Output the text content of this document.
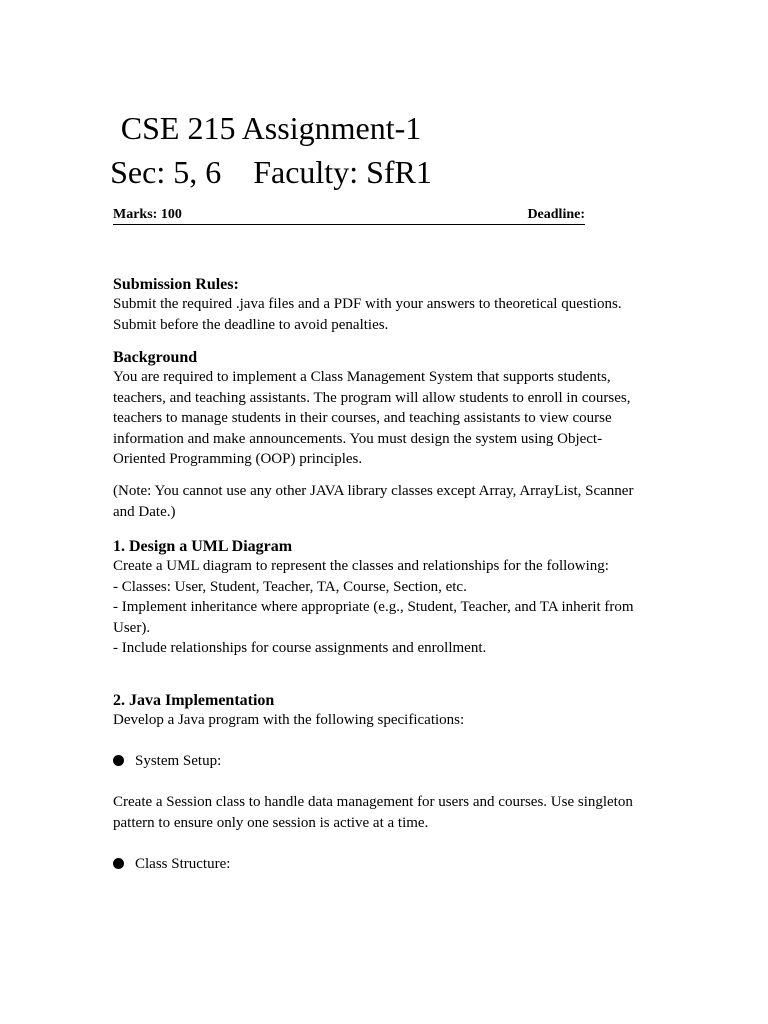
CSE 215 Assignment-1

Sec: 5, 6    Faculty: SfR1

Marks: 100	Deadline:

Submission Rules:

Submit the required .java files and a PDF with your answers to theoretical questions.

Submit before the deadline to avoid penalties.

Background

You are required to implement a Class Management System that supports students, teachers, and teaching assistants. The program will allow students to enroll in courses, teachers to manage students in their courses, and teaching assistants to view course information and make announcements. You must design the system using Object-Oriented Programming (OOP) principles.

(Note: You cannot use any other JAVA library classes except Array, ArrayList, Scanner and Date.)

1. Design a UML Diagram

Create a UML diagram to represent the classes and relationships for the following:

- Classes: User, Student, Teacher, TA, Course, Section, etc.

- Implement inheritance where appropriate (e.g., Student, Teacher, and TA inherit from User).

- Include relationships for course assignments and enrollment.

2. Java Implementation

Develop a Java program with the following specifications:

System Setup:

Create a Session class to handle data management for users and courses. Use singleton pattern to ensure only one session is active at a time.

Class Structure:
